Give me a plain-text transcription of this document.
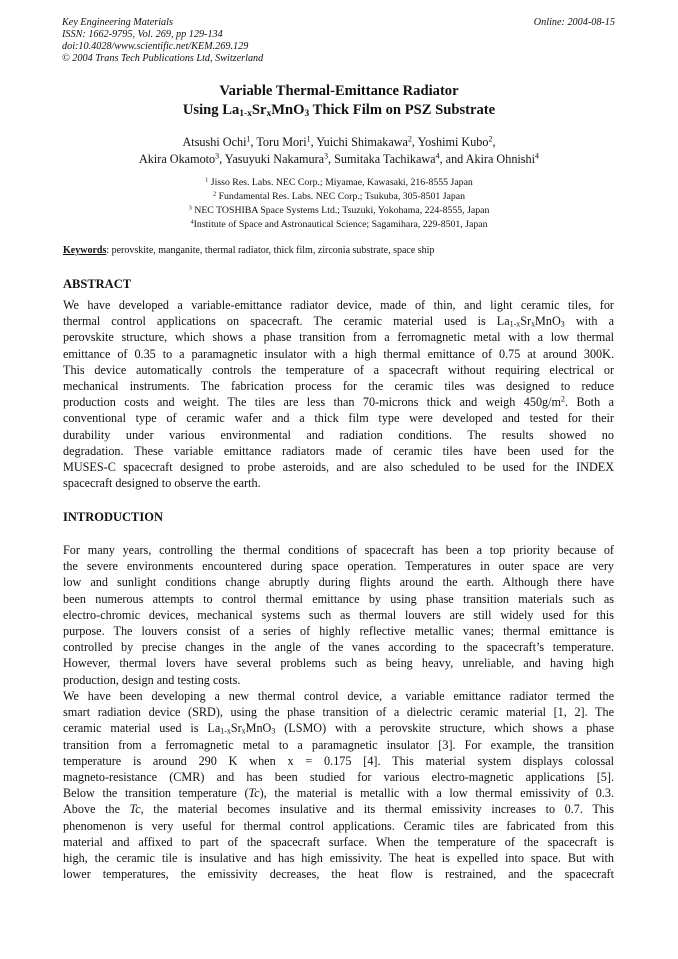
Key Engineering Materials
ISSN: 1662-9795, Vol. 269, pp 129-134
doi:10.4028/www.scientific.net/KEM.269.129
© 2004 Trans Tech Publications Ltd, Switzerland
Online: 2004-08-15
Variable Thermal-Emittance Radiator
Using $La_{1-x}Sr_xMnO_3$ Thick Film on PSZ Substrate
Atsushi Ochi$^1$, Toru Mori$^1$, Yuichi Shimakawa$^2$, Yoshimi Kubo$^2$,
Akira Okamoto$^3$, Yasuyuki Nakamura$^3$, Sumitaka Tachikawa$^4$, and Akira Ohnishi$^4$
$^1$ Jisso Res. Labs. NEC Corp.; Miyamae, Kawasaki, 216-8555 Japan
$^2$ Fundamental Res. Labs. NEC Corp.; Tsukuba, 305-8501 Japan
$^3$ NEC TOSHIBA Space Systems Ltd.; Tsuzuki, Yokohama, 224-8555, Japan
$^4$Institute of Space and Astronautical Science; Sagamihara, 229-8501, Japan
Keywords: perovskite, manganite, thermal radiator, thick film, zirconia substrate, space ship
ABSTRACT
We have developed a variable-emittance radiator device, made of thin, and light ceramic tiles, for
thermal control applications on spacecraft. The ceramic material used is $La_{1-x}Sr_xMnO_3$ with a
perovskite structure, which shows a phase transition from a ferromagnetic metal with a low thermal
emittance of 0.35 to a paramagnetic insulator with a high thermal emittance of 0.75 at around 300K.
This device automatically controls the temperature of a spacecraft without requiring electrical or
mechanical instruments. The fabrication process for the ceramic tiles was designed to reduce
production costs and weight. The tiles are less than 70-microns thick and weigh $450g/m^2$. Both a
conventional type of ceramic wafer and a thick film type were developed and tested for their
durability under various environmental and radiation conditions. The results showed no
degradation. These variable emittance radiators made of ceramic tiles have been used for the
MUSES-C spacecraft designed to probe asteroids, and are also scheduled to be used for the INDEX
spacecraft designed to observe the earth.
INTRODUCTION
For many years, controlling the thermal conditions of spacecraft has been a top priority because of
the severe environments encountered during space operation. Temperatures in outer space are very
low and sunlight conditions change abruptly during flights around the earth. Although there have
been numerous attempts to control thermal emittance by using phase transition materials such as
electro-chromic devices, mechanical systems such as thermal louvers are still widely used for this
purpose. The louvers consist of a series of highly reflective metallic vanes; thermal emittance is
controlled by precise changes in the angle of the vanes according to the spacecraft’s temperature.
However, thermal lovers have several problems such as being heavy, unreliable, and having high
production, design and testing costs.
We have been developing a new thermal control device, a variable emittance radiator termed the
smart radiation device (SRD), using the phase transition of a dielectric ceramic material [1, 2]. The
ceramic material used is $La_{1-x}Sr_xMnO_3$ (LSMO) with a perovskite structure, which shows a phase
transition from a ferromagnetic metal to a paramagnetic insulator [3]. For example, the transition
temperature is around 290 K when x = 0.175 [4]. This material system displays colossal
magneto-resistance (CMR) and has been studied for various electro-magnetic applications [5].
Below the transition temperature (Tc), the material is metallic with a low thermal emissivity of 0.3.
Above the Tc, the material becomes insulative and its thermal emissivity increases to 0.7. This
phenomenon is very useful for thermal control applications. Ceramic tiles are fabricated from this
material and affixed to part of the spacecraft surface. When the temperature of the spacecraft is
high, the ceramic tile is insulative and has high emissivity. The heat is expelled into space. But with
lower temperatures, the emissivity decreases, the heat flow is restrained, and the spacecraft
